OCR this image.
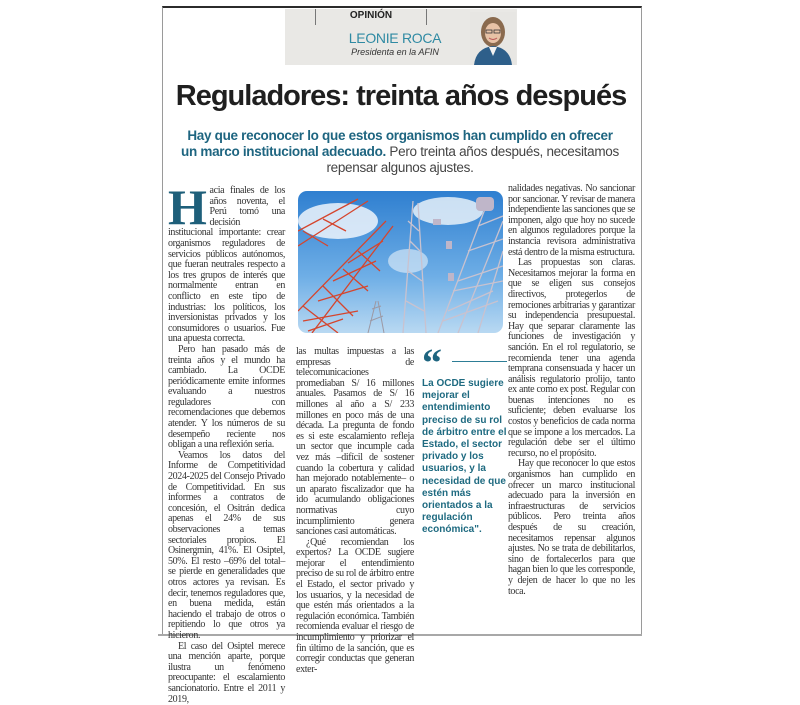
OPINIÓN
LEONIE ROCA
Presidenta en la AFIN
Reguladores: treinta años después
Hay que reconocer lo que estos organismos han cumplido en ofrecer un marco institucional adecuado. Pero treinta años después, necesitamos repensar algunos ajustes.

Hacia finales de los años noventa, el Perú tomó una decisión institucional importante: crear organismos reguladores de servicios públicos autónomos, que fueran neutrales respecto a los tres grupos de interés que normalmente entran en conflicto en este tipo de industrias: los políticos, los inversionistas privados y los consumidores o usuarios. Fue una apuesta correcta.

Pero han pasado más de treinta años y el mundo ha cambiado. La OCDE periódicamente emite informes evaluando a nuestros reguladores con recomendaciones que debemos atender. Y los números de su desempeño reciente nos obligan a una reflexión seria.

Veamos los datos del Informe de Competitividad 2024-2025 del Consejo Privado de Competitividad. En sus informes a contratos de concesión, el Ositrán dedica apenas el 24% de sus observaciones a temas sectoriales propios. El Osinergmin, 41%. El Osiptel, 50%. El resto –69% del total– se pierde en generalidades que otros actores ya revisan. Es decir, tenemos reguladores que, en buena medida, están haciendo el trabajo de otros o repitiendo lo que otros ya hicieron.

El caso del Osiptel merece una mención aparte, porque ilustra un fenómeno preocupante: el escalamiento sancionatorio. Entre el 2011 y 2019,

las multas impuestas a las empresas de telecomunicaciones promediaban S/ 16 millones anuales. Pasamos de S/ 16 millones al año a S/ 233 millones en poco más de una década. La pregunta de fondo es si este escalamiento refleja un sector que incumple cada vez más –difícil de sostener cuando la cobertura y calidad han mejorado notablemente– o un aparato fiscalizador que ha ido acumulando obligaciones normativas cuyo incumplimiento genera sanciones casi automáticas.

¿Qué recomiendan los expertos? La OCDE sugiere mejorar el entendimiento preciso de su rol de árbitro entre el Estado, el sector privado y los usuarios, y la necesidad de que estén más orientados a la regulación económica. También recomienda evaluar el riesgo de incumplimiento y priorizar el fin último de la sanción, que es corregir conductas que generan exter-

“
La OCDE sugiere mejorar el entendimiento preciso de su rol de árbitro entre el Estado, el sector privado y los usuarios, y la necesidad de que estén más orientados a la regulación económica".

nalidades negativas. No sancionar por sancionar. Y revisar de manera independiente las sanciones que se imponen, algo que hoy no sucede en algunos reguladores porque la instancia revisora administrativa está dentro de la misma estructura.

Las propuestas son claras. Necesitamos mejorar la forma en que se eligen sus consejos directivos, protegerlos de remociones arbitrarias y garantizar su independencia presupuestal. Hay que separar claramente las funciones de investigación y sanción. En el rol regulatorio, se recomienda tener una agenda temprana consensuada y hacer un análisis regulatorio prolijo, tanto ex ante como ex post. Regular con buenas intenciones no es suficiente; deben evaluarse los costos y beneficios de cada norma que se impone a los mercados. La regulación debe ser el último recurso, no el propósito.

Hay que reconocer lo que estos organismos han cumplido en ofrecer un marco institucional adecuado para la inversión en infraestructuras de servicios públicos. Pero treinta años después de su creación, necesitamos repensar algunos ajustes. No se trata de debilitarlos, sino de fortalecerlos para que hagan bien lo que les corresponde, y dejen de hacer lo que no les toca.
